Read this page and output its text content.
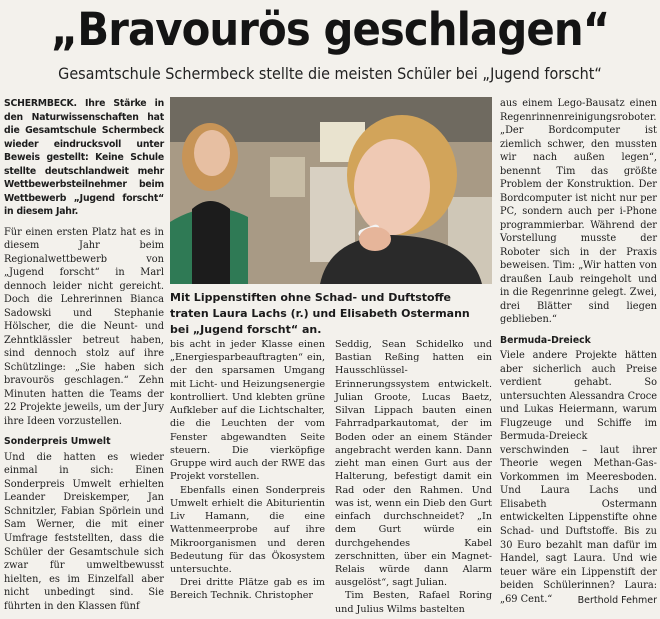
„Bravourös geschlagen“
Gesamtschule Schermbeck stellte die meisten Schüler bei „Jugend forscht“

SCHERMBECK. Ihre Stärke in den Naturwissenschaften hat die Gesamtschule Schermbeck wieder eindrucksvoll unter Beweis gestellt: Keine Schule stellte deutschlandweit mehr Wettbewerbsteilnehmer beim Wettbewerb „Jugend forscht“ in diesem Jahr.

Für einen ersten Platz hat es in diesem Jahr beim Regionalwettbewerb von „Jugend forscht“ in Marl dennoch leider nicht gereicht. Doch die Lehrerinnen Bianca Sadowski und Stephanie Hölscher, die die Neunt- und Zehntklässler betreut haben, sind dennoch stolz auf ihre Schützlinge: „Sie haben sich bravourös geschlagen.“ Zehn Minuten hatten die Teams der 22 Projekte jeweils, um der Jury ihre Ideen vorzustellen.

Sonderpreis Umwelt

Und die hatten es wieder einmal in sich: Einen Sonderpreis Umwelt erhielten Leander Dreiskemper, Jan Schnitzler, Fabian Spörlein und Sam Werner, die mit einer Umfrage feststellten, dass die Schüler der Gesamtschule sich zwar für umweltbewusst hielten, es im Einzelfall aber nicht unbedingt sind. Sie führten in den Klassen fünf

Mit Lippenstiften ohne Schad- und Duftstoffe traten Laura Lachs (r.) und Elisabeth Ostermann bei „Jugend forscht“ an.

bis acht in jeder Klasse einen „Energiesparbeauftragten“ ein, der den sparsamen Umgang mit Licht- und Heizungsenergie kontrolliert. Und klebten grüne Aufkleber auf die Lichtschalter, die die Leuchten der vom Fenster abgewandten Seite steuern. Die vierköpfige Gruppe wird auch der RWE das Projekt vorstellen.

Ebenfalls einen Sonderpreis Umwelt erhielt die Abiturientin Liv Hamann, die eine Wattenmeerprobe auf ihre Mikroorganismen und deren Bedeutung für das Ökosystem untersuchte.

Drei dritte Plätze gab es im Bereich Technik. Christopher

Seddig, Sean Schidelko und Bastian Reßing hatten ein Hausschlüssel-Erinnerungssystem entwickelt. Julian Groote, Lucas Baetz, Silvan Lippach bauten einen Fahrradparkautomat, der im Boden oder an einem Ständer angebracht werden kann. Dann zieht man einen Gurt aus der Halterung, befestigt damit ein Rad oder den Rahmen. Und was ist, wenn ein Dieb den Gurt einfach durchschneidet? „In dem Gurt würde ein durchgehendes Kabel zerschnitten, über ein Magnet-Relais würde dann Alarm ausgelöst“, sagt Julian.

Tim Besten, Rafael Roring und Julius Wilms bastelten

aus einem Lego-Bausatz einen Regenrinnenreinigungsroboter. „Der Bordcomputer ist ziemlich schwer, den mussten wir nach außen legen“, benennt Tim das größte Problem der Konstruktion. Der Bordcomputer ist nicht nur per PC, sondern auch per i-Phone programmierbar. Während der Vorstellung musste der Roboter sich in der Praxis beweisen. Tim: „Wir hatten von draußen Laub reingeholt und in die Regenrinne gelegt. Zwei, drei Blätter sind liegen geblieben.“

Bermuda-Dreieck

Viele andere Projekte hätten aber sicherlich auch Preise verdient gehabt. So untersuchten Alessandra Croce und Lukas Heiermann, warum Flugzeuge und Schiffe im Bermuda-Dreieck verschwinden – laut ihrer Theorie wegen Methan-Gas-Vorkommen im Meeresboden. Und Laura Lachs und Elisabeth Ostermann entwickelten Lippenstifte ohne Schad- und Duftstoffe. Bis zu 30 Euro bezahlt man dafür im Handel, sagt Laura. Und wie teuer wäre ein Lippenstift der beiden Schülerinnen? Laura: „69 Cent.“	Berthold Fehmer
